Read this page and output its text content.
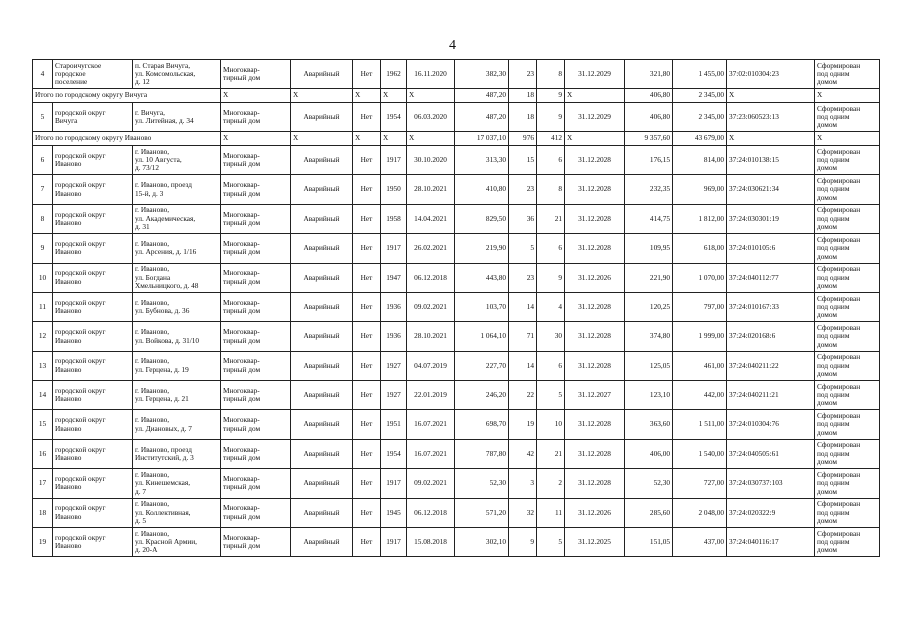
4
4	Староичугское
городское
поселение	п. Старая Вичуга,
ул. Комсомольская,
д. 12	Многоквар-
тирный дом	Аварийный	Нет	1962	16.11.2020	382,30	23	8	31.12.2029	321,80	1 455,00	37:02:010304:23	Сформирован
под одним
домом
Итого по городскому округу Вичуга			X	X	X	X	X	487,20	18	9	X	406,80	2 345,00	X	X
5	городской округ
Вичуга	г. Вичуга,
ул. Литейная, д. 34	Многоквар-
тирный дом	Аварийный	Нет	1954	06.03.2020	487,20	18	9	31.12.2029	406,80	2 345,00	37:23:060523:13	Сформирован
под одним
домом
Итого по городскому округу Иваново			X	X	X	X	X	17 037,10	976	412	X	9 357,60	43 679,00	X	X
6	городской округ
Иваново	г. Иваново,
ул. 10 Августа,
д. 73/12	Многоквар-
тирный дом	Аварийный	Нет	1917	30.10.2020	313,30	15	6	31.12.2028	176,15	814,00	37:24:010138:15	Сформирован
под одним
домом
7	городской округ
Иваново	г. Иваново, проезд
15-й, д. 3	Многоквар-
тирный дом	Аварийный	Нет	1950	28.10.2021	410,80	23	8	31.12.2028	232,35	969,00	37:24:030621:34	Сформирован
под одним
домом
8	городской округ
Иваново	г. Иваново,
ул. Академическая,
д. 31	Многоквар-
тирный дом	Аварийный	Нет	1958	14.04.2021	829,50	36	21	31.12.2028	414,75	1 812,00	37:24:030301:19	Сформирован
под одним
домом
9	городской округ
Иваново	г. Иваново,
ул. Арсения, д. 1/16	Многоквар-
тирный дом	Аварийный	Нет	1917	26.02.2021	219,90	5	6	31.12.2028	109,95	618,00	37:24:010105:6	Сформирован
под одним
домом
10	городской округ
Иваново	г. Иваново,
ул. Богдана
Хмельницкого, д. 48	Многоквар-
тирный дом	Аварийный	Нет	1947	06.12.2018	443,80	23	9	31.12.2026	221,90	1 070,00	37:24:040112:77	Сформирован
под одним
домом
11	городской округ
Иваново	г. Иваново,
ул. Бубнова, д. 36	Многоквар-
тирный дом	Аварийный	Нет	1936	09.02.2021	103,70	14	4	31.12.2028	120,25	797,00	37:24:010167:33	Сформирован
под одним
домом
12	городской округ
Иваново	г. Иваново,
ул. Войкова, д. 31/10	Многоквар-
тирный дом	Аварийный	Нет	1936	28.10.2021	1 064,10	71	30	31.12.2028	374,80	1 999,00	37:24:020168:6	Сформирован
под одним
домом
13	городской округ
Иваново	г. Иваново,
ул. Герцена, д. 19	Многоквар-
тирный дом	Аварийный	Нет	1927	04.07.2019	227,70	14	6	31.12.2028	125,05	461,00	37:24:040211:22	Сформирован
под одним
домом
14	городской округ
Иваново	г. Иваново,
ул. Герцена, д. 21	Многоквар-
тирный дом	Аварийный	Нет	1927	22.01.2019	246,20	22	5	31.12.2027	123,10	442,00	37:24:040211:21	Сформирован
под одним
домом
15	городской округ
Иваново	г. Иваново,
ул. Диановых, д. 7	Многоквар-
тирный дом	Аварийный	Нет	1951	16.07.2021	698,70	19	10	31.12.2028	363,60	1 511,00	37:24:010304:76	Сформирован
под одним
домом
16	городской округ
Иваново	г. Иваново, проезд
Институтский, д. 3	Многоквар-
тирный дом	Аварийный	Нет	1954	16.07.2021	787,80	42	21	31.12.2028	406,00	1 540,00	37:24:040505:61	Сформирован
под одним
домом
17	городской округ
Иваново	г. Иваново,
ул. Кинешемская,
д. 7	Многоквар-
тирный дом	Аварийный	Нет	1917	09.02.2021	52,30	3	2	31.12.2028	52,30	727,00	37:24:030737:103	Сформирован
под одним
домом
18	городской округ
Иваново	г. Иваново,
ул. Коллективная,
д. 5	Многоквар-
тирный дом	Аварийный	Нет	1945	06.12.2018	571,20	32	11	31.12.2026	285,60	2 048,00	37:24:020322:9	Сформирован
под одним
домом
19	городской округ
Иваново	г. Иваново,
ул. Красной Армии,
д. 20-А	Многоквар-
тирный дом	Аварийный	Нет	1917	15.08.2018	302,10	9	5	31.12.2025	151,05	437,00	37:24:040116:17	Сформирован
под одним
домом
